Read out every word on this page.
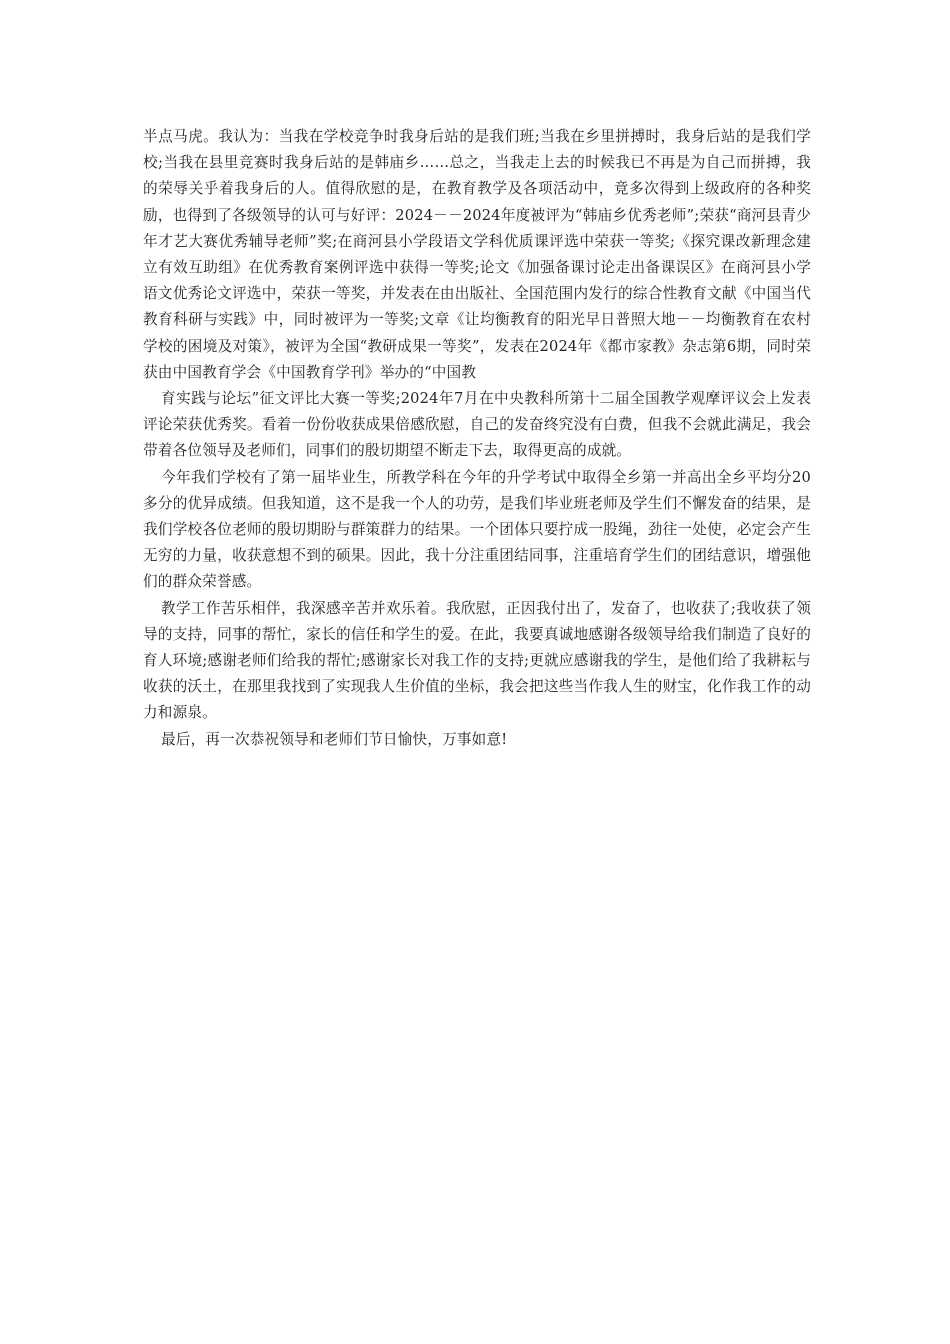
半点马虎。我认为：当我在学校竞争时我身后站的是我们班;当我在乡里拼搏时，我身后站的是我们学校;当我在县里竞赛时我身后站的是韩庙乡……总之，当我走上去的时候我已不再是为自己而拼搏，我的荣辱关乎着我身后的人。值得欣慰的是，在教育教学及各项活动中，竟多次得到上级政府的各种奖励，也得到了各级领导的认可与好评：2024－－2024年度被评为“韩庙乡优秀老师”;荣获“商河县青少年才艺大赛优秀辅导老师”奖;在商河县小学段语文学科优质课评选中荣获一等奖;《探究课改新理念建立有效互助组》在优秀教育案例评选中获得一等奖;论文《加强备课讨论走出备课误区》在商河县小学语文优秀论文评选中，荣获一等奖，并发表在由出版社、全国范围内发行的综合性教育文献《中国当代教育科研与实践》中，同时被评为一等奖;文章《让均衡教育的阳光早日普照大地－－均衡教育在农村学校的困境及对策》，被评为全国“教研成果一等奖”，发表在2024年《都市家教》杂志第6期，同时荣获由中国教育学会《中国教育学刊》举办的“中国教

育实践与论坛”征文评比大赛一等奖;2024年7月在中央教科所第十二届全国教学观摩评议会上发表评论荣获优秀奖。看着一份份收获成果倍感欣慰，自己的发奋终究没有白费，但我不会就此满足，我会带着各位领导及老师们，同事们的殷切期望不断走下去，取得更高的成就。

今年我们学校有了第一届毕业生，所教学科在今年的升学考试中取得全乡第一并高出全乡平均分20多分的优异成绩。但我知道，这不是我一个人的功劳，是我们毕业班老师及学生们不懈发奋的结果，是我们学校各位老师的殷切期盼与群策群力的结果。一个团体只要拧成一股绳，劲往一处使，必定会产生无穷的力量，收获意想不到的硕果。因此，我十分注重团结同事，注重培育学生们的团结意识，增强他们的群众荣誉感。

教学工作苦乐相伴，我深感辛苦并欢乐着。我欣慰，正因我付出了，发奋了，也收获了;我收获了领导的支持，同事的帮忙，家长的信任和学生的爱。在此，我要真诚地感谢各级领导给我们制造了良好的育人环境;感谢老师们给我的帮忙;感谢家长对我工作的支持;更就应感谢我的学生，是他们给了我耕耘与收获的沃土，在那里我找到了实现我人生价值的坐标，我会把这些当作我人生的财宝，化作我工作的动力和源泉。

最后，再一次恭祝领导和老师们节日愉快，万事如意!
